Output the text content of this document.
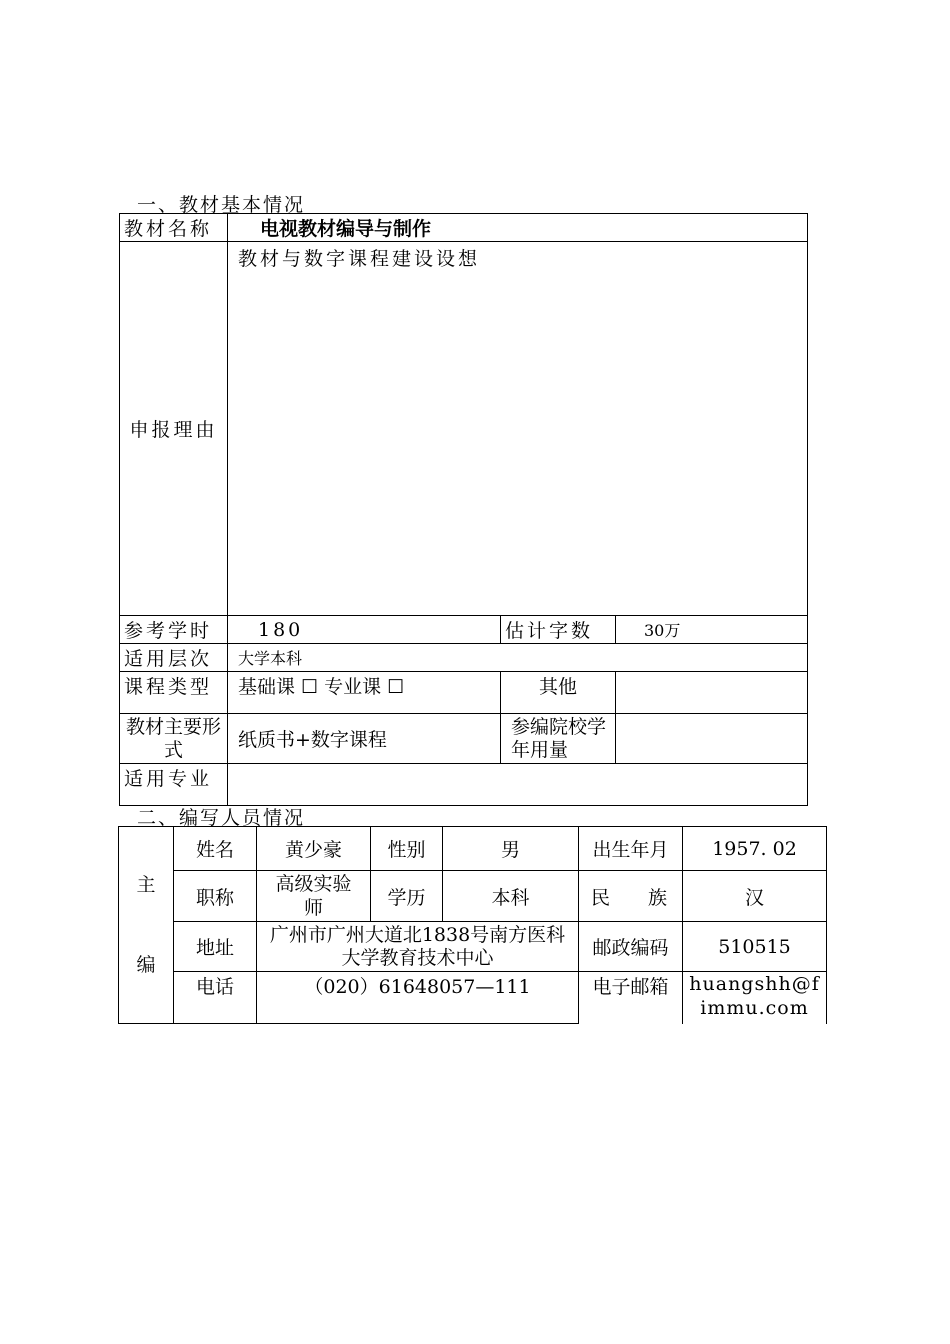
一、教材基本情况
教材名称	电视教材编导与制作		
申报理由	教材与数字课程建设设想		
参考学时	180	估计字数	30万
适用层次	大学本科		
课程类型	基础课 ☐ 专业课 ☐	其他	
教材主要形式	纸质书+数字课程	参编院校学年用量	
适用专业			
二、编写人员情况
主编	姓名	黄少豪	性别	男	出生年月	1957. 02
	职称	高级实验师	学历	本科	民　　族	汉
	地址	广州市广州大道北1838号南方医科大学教育技术中心			邮政编码	510515
	电话	（020）61648057—111			电子邮箱	huangshh@fimmu.com
